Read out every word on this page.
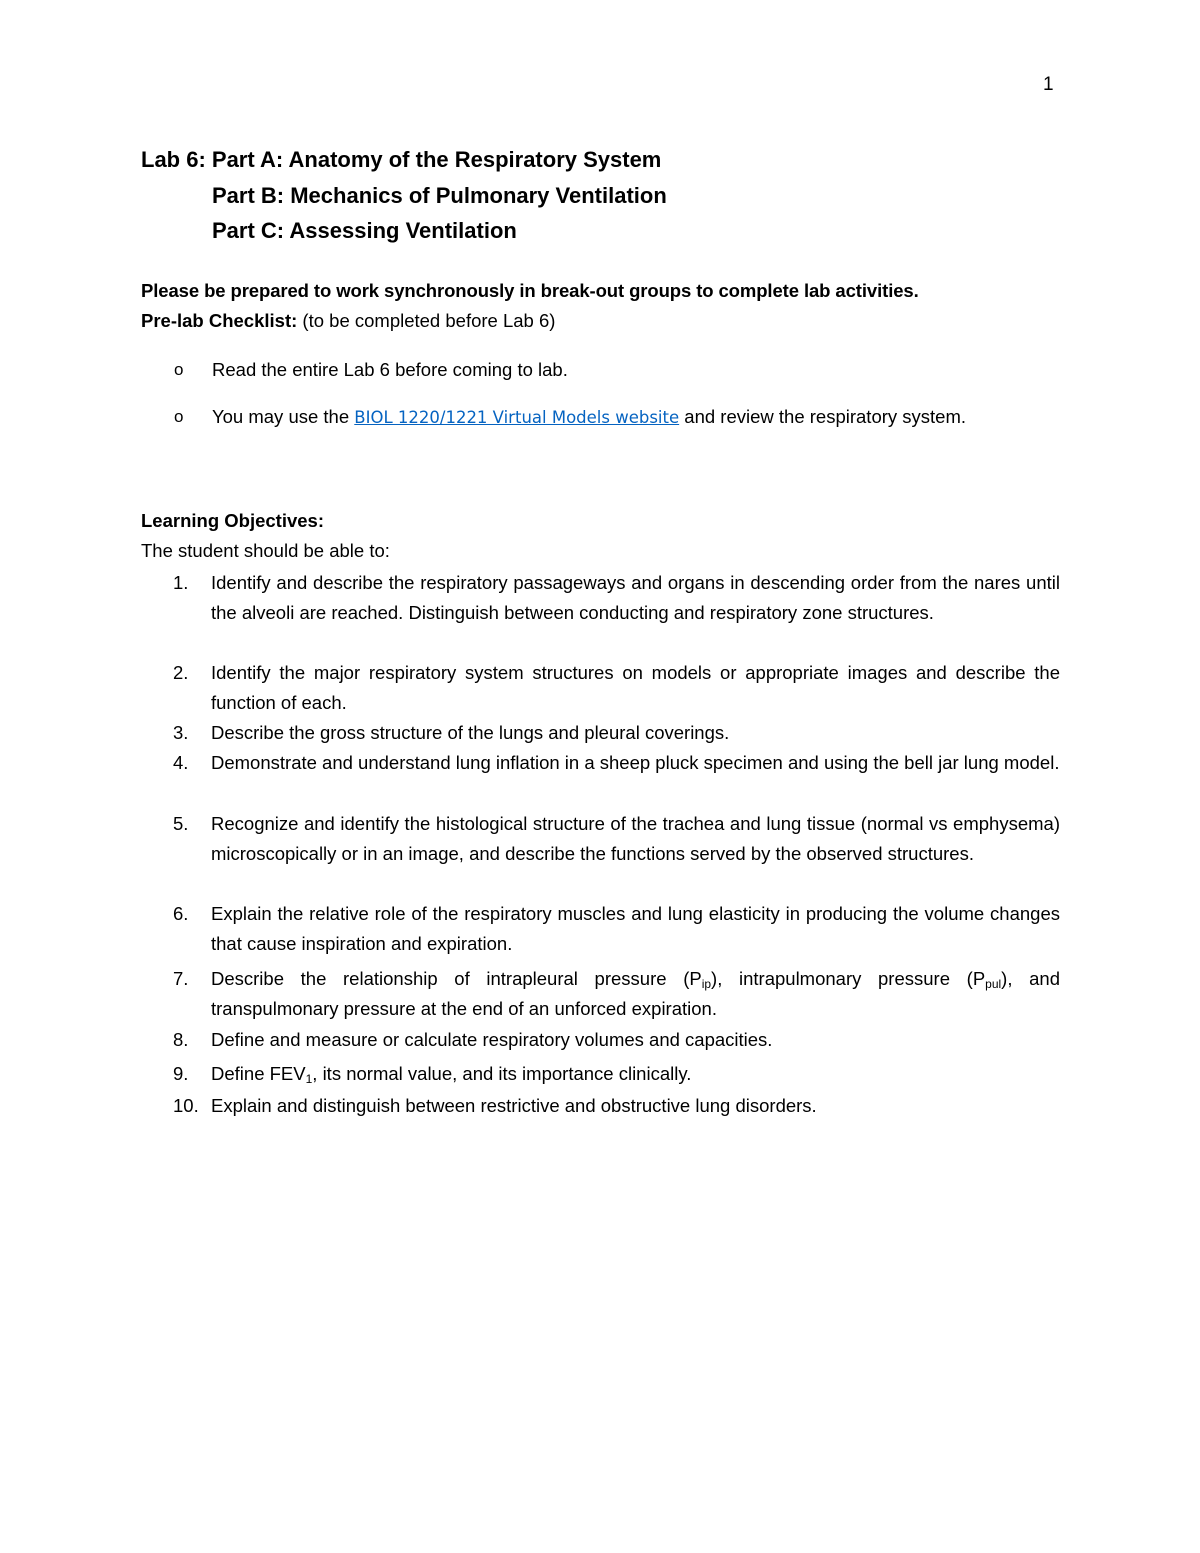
1
Lab 6: Part A: Anatomy of the Respiratory System
Part B: Mechanics of Pulmonary Ventilation
Part C: Assessing Ventilation
Please be prepared to work synchronously in break-out groups to complete lab activities.
Pre-lab Checklist: (to be completed before Lab 6)
o Read the entire Lab 6 before coming to lab.
o You may use the BIOL 1220/1221 Virtual Models website and review the respiratory system.
Learning Objectives:
The student should be able to:
1.	Identify and describe the respiratory passageways and organs in descending order from the nares until the alveoli are reached. Distinguish between conducting and respiratory zone structures.
2.	Identify the major respiratory system structures on models or appropriate images and describe the function of each.
3.	Describe the gross structure of the lungs and pleural coverings.
4.	Demonstrate and understand lung inflation in a sheep pluck specimen and using the bell jar lung model.
5.	Recognize and identify the histological structure of the trachea and lung tissue (normal vs emphysema) microscopically or in an image, and describe the functions served by the observed structures.
6.	Explain the relative role of the respiratory muscles and lung elasticity in producing the volume changes that cause inspiration and expiration.
7.	Describe the relationship of intrapleural pressure $(P_{ip})$, intrapulmonary pressure $(P_{pul})$, and transpulmonary pressure at the end of an unforced expiration.
8.	Define and measure or calculate respiratory volumes and capacities.
9.	Define $FEV_1$, its normal value, and its importance clinically.
10. Explain and distinguish between restrictive and obstructive lung disorders.
